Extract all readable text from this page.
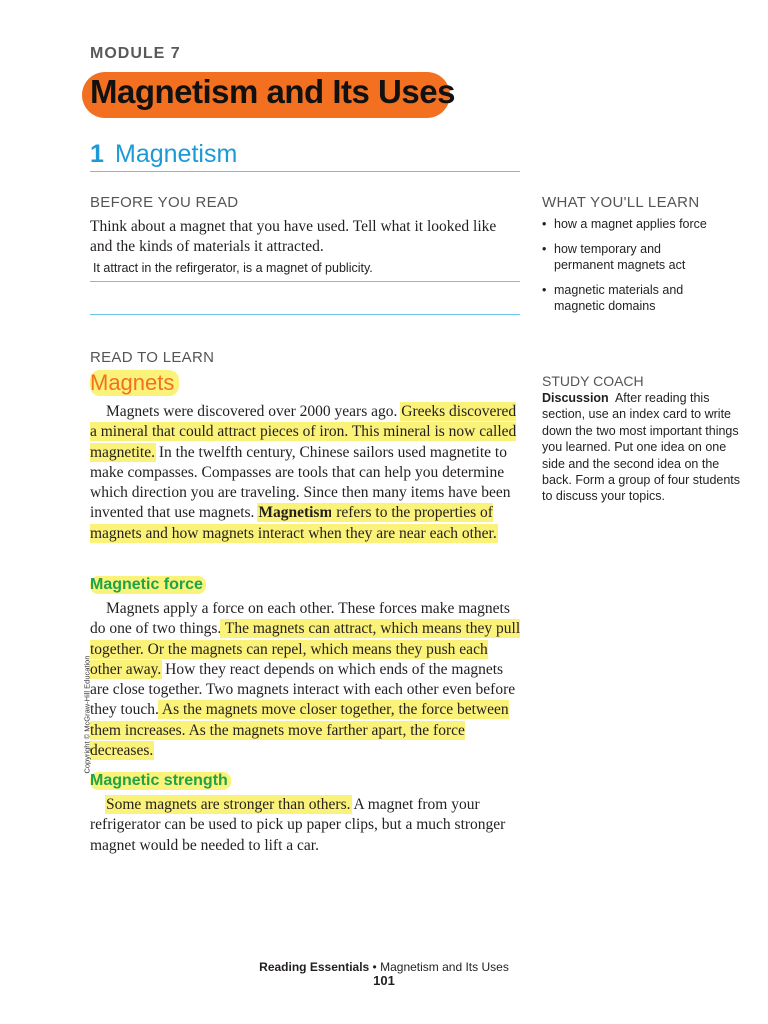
MODULE 7
Magnetism and Its Uses
1 Magnetism
BEFORE YOU READ
Think about a magnet that you have used. Tell what it looked like
and the kinds of materials it attracted.
It attract in the refirgerator, is a magnet of publicity.
WHAT YOU'LL LEARN
• how a magnet applies force
• how temporary and
permanent magnets act
• magnetic materials and
magnetic domains
READ TO LEARN
Magnets

Magnets were discovered over 2000 years ago. Greeks discovered a mineral that could attract pieces of iron. This mineral is now called magnetite. In the twelfth century, Chinese sailors used magnetite to make compasses. Compasses are tools that can help you determine which direction you are traveling. Since then many items have been invented that use magnets. Magnetism refers to the properties of magnets and how magnets interact when they are near each other.

Magnetic force

Magnets apply a force on each other. These forces make magnets do one of two things. The magnets can attract, which means they pull together. Or the magnets can repel, which means they push each other away. How they react depends on which ends of the magnets are close together. Two magnets interact with each other even before they touch. As the magnets move closer together, the force between them increases. As the magnets move farther apart, the force decreases.

Magnetic strength

Some magnets are stronger than others. A magnet from your refrigerator can be used to pick up paper clips, but a much stronger magnet would be needed to lift a car.

STUDY COACH
Discussion After reading this section, use an index card to write down the two most important things you learned. Put one idea on one side and the second idea on the back. Form a group of four students to discuss your topics.
Copyright © McGraw-Hill Education
Reading Essentials • Magnetism and Its Uses
101
